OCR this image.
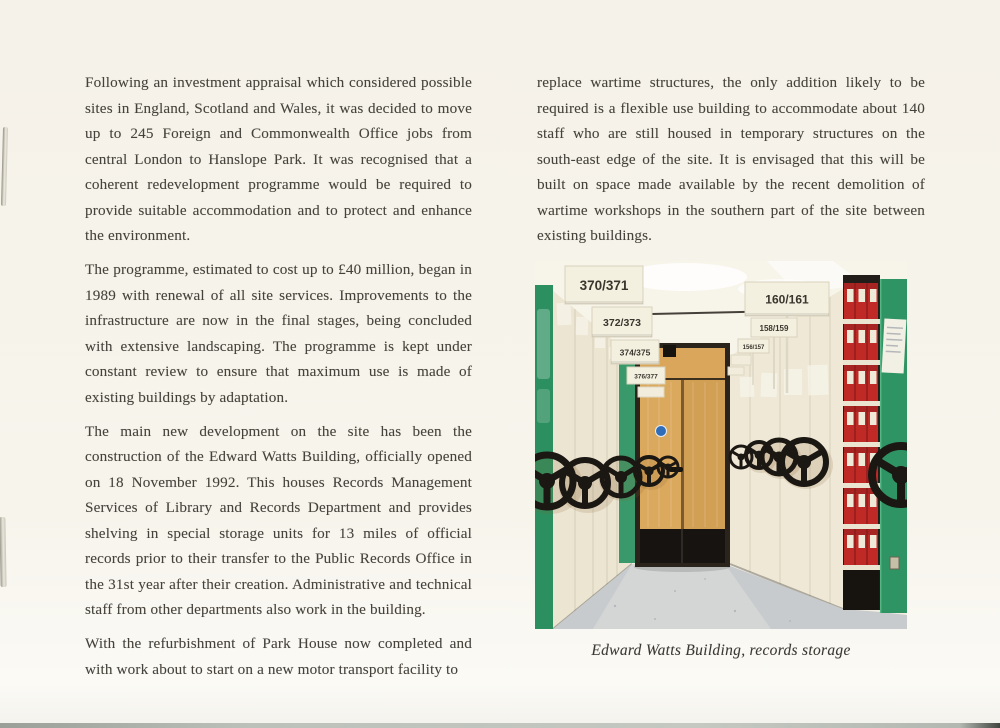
Following an investment appraisal which considered possible sites in England, Scotland and Wales, it was decided to move up to 245 Foreign and Commonwealth Office jobs from central London to Hanslope Park. It was recognised that a coherent redevelopment programme would be required to provide suitable accommodation and to protect and enhance the environment.

The programme, estimated to cost up to £40 million, began in 1989 with renewal of all site services. Improvements to the infrastructure are now in the final stages, being concluded with extensive landscaping. The programme is kept under constant review to ensure that maximum use is made of existing buildings by adaptation.

The main new development on the site has been the construction of the Edward Watts Building, officially opened on 18 November 1992. This houses Records Management Services of Library and Records Department and provides shelving in special storage units for 13 miles of official records prior to their transfer to the Public Records Office in the 31st year after their creation. Administrative and technical staff from other departments also work in the building.

With the refurbishment of Park House now completed and with work about to start on a new motor transport facility to

replace wartime structures, the only addition likely to be required is a flexible use building to accommodate about 140 staff who are still housed in temporary structures on the south-east edge of the site. It is envisaged that this will be built on space made available by the recent demolition of wartime workshops in the southern part of the site between existing buildings.

370/371
372/373
374/375
376/377
160/161
158/159
156/157
Edward Watts Building, records storage
